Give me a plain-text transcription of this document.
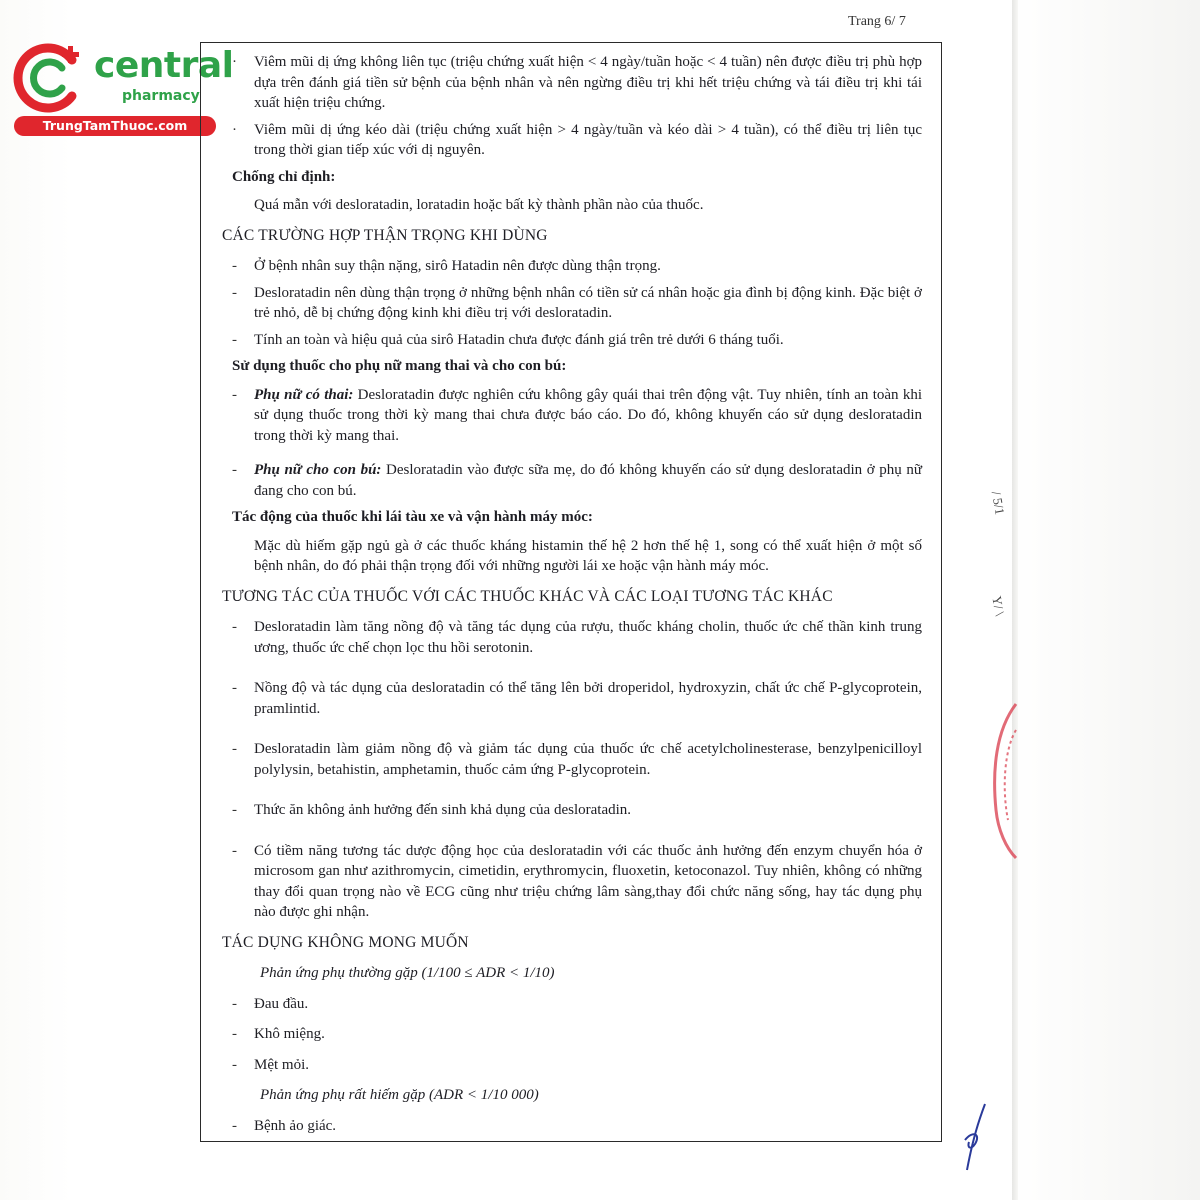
Trang 6/ 7
central
pharmacy
TrungTamThuoc.com
· Viêm mũi dị ứng không liên tục (triệu chứng xuất hiện < 4 ngày/tuần hoặc < 4 tuần) nên được điều trị phù hợp dựa trên đánh giá tiền sử bệnh của bệnh nhân và nên ngừng điều trị khi hết triệu chứng và tái điều trị khi tái xuất hiện triệu chứng.
· Viêm mũi dị ứng kéo dài (triệu chứng xuất hiện > 4 ngày/tuần và kéo dài > 4 tuần), có thể điều trị liên tục trong thời gian tiếp xúc với dị nguyên.
Chống chỉ định:
Quá mẫn với desloratadin, loratadin hoặc bất kỳ thành phần nào của thuốc.
CÁC TRƯỜNG HỢP THẬN TRỌNG KHI DÙNG
- Ở bệnh nhân suy thận nặng, sirô Hatadin nên được dùng thận trọng.
- Desloratadin nên dùng thận trọng ở những bệnh nhân có tiền sử cá nhân hoặc gia đình bị động kinh. Đặc biệt ở trẻ nhỏ, dễ bị chứng động kinh khi điều trị với desloratadin.
- Tính an toàn và hiệu quả của sirô Hatadin chưa được đánh giá trên trẻ dưới 6 tháng tuổi.
Sử dụng thuốc cho phụ nữ mang thai và cho con bú:
- Phụ nữ có thai: Desloratadin được nghiên cứu không gây quái thai trên động vật. Tuy nhiên, tính an toàn khi sử dụng thuốc trong thời kỳ mang thai chưa được báo cáo. Do đó, không khuyến cáo sử dụng desloratadin trong thời kỳ mang thai.
- Phụ nữ cho con bú: Desloratadin vào được sữa mẹ, do đó không khuyến cáo sử dụng desloratadin ở phụ nữ đang cho con bú.
Tác động của thuốc khi lái tàu xe và vận hành máy móc:
Mặc dù hiếm gặp ngủ gà ở các thuốc kháng histamin thế hệ 2 hơn thế hệ 1, song có thể xuất hiện ở một số bệnh nhân, do đó phải thận trọng đối với những người lái xe hoặc vận hành máy móc.
TƯƠNG TÁC CỦA THUỐC VỚI CÁC THUỐC KHÁC VÀ CÁC LOẠI TƯƠNG TÁC KHÁC
- Desloratadin làm tăng nồng độ và tăng tác dụng của rượu, thuốc kháng cholin, thuốc ức chế thần kinh trung ương, thuốc ức chế chọn lọc thu hồi serotonin.
- Nồng độ và tác dụng của desloratadin có thể tăng lên bởi droperidol, hydroxyzin, chất ức chế P-glycoprotein, pramlintid.
- Desloratadin làm giảm nồng độ và giảm tác dụng của thuốc ức chế acetylcholinesterase, benzylpenicilloyl polylysin, betahistin, amphetamin, thuốc cảm ứng P-glycoprotein.
- Thức ăn không ảnh hưởng đến sinh khả dụng của desloratadin.
- Có tiềm năng tương tác dược động học của desloratadin với các thuốc ảnh hưởng đến enzym chuyển hóa ở microsom gan như azithromycin, cimetidin, erythromycin, fluoxetin, ketoconazol. Tuy nhiên, không có những thay đổi quan trọng nào về ECG cũng như triệu chứng lâm sàng,thay đổi chức năng sống, hay tác dụng phụ nào được ghi nhận.
TÁC DỤNG KHÔNG MONG MUỐN
Phản ứng phụ thường gặp (1/100 ≤ ADR < 1/10)
- Đau đầu.
- Khô miệng.
- Mệt mỏi.
Phản ứng phụ rất hiếm gặp (ADR < 1/10 000)
- Bệnh ảo giác.
/ 5/1
Y/ \
